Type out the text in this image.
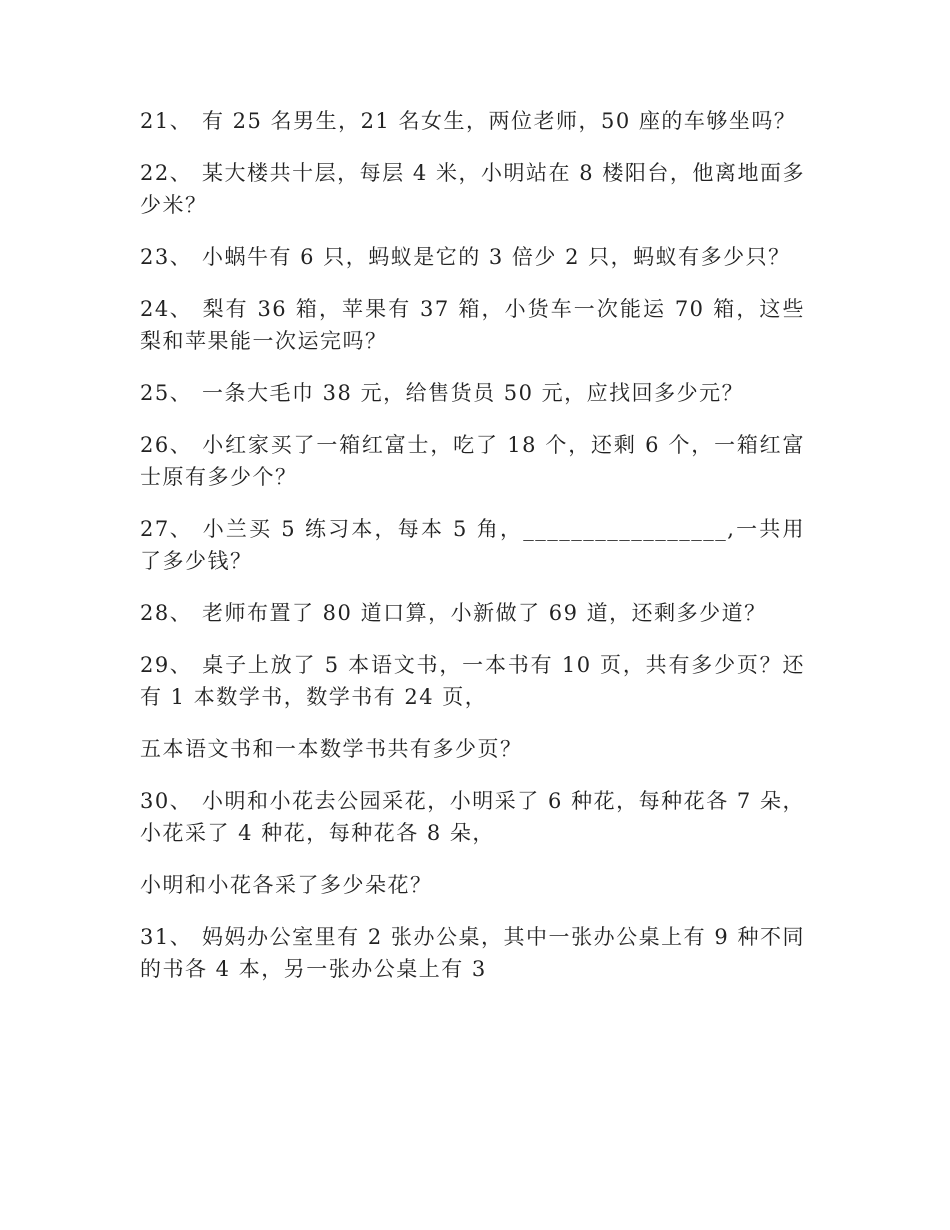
21、 有 25 名男生，21 名女生，两位老师，50 座的车够坐吗？

22、 某大楼共十层，每层 4 米，小明站在 8 楼阳台，他离地面多少米？

23、 小蜗牛有 6 只，蚂蚁是它的 3 倍少 2 只，蚂蚁有多少只？

24、 梨有 36 箱，苹果有 37 箱，小货车一次能运 70 箱，这些梨和苹果能一次运完吗？

25、 一条大毛巾 38 元，给售货员 50 元，应找回多少元？

26、 小红家买了一箱红富士，吃了 18 个，还剩 6 个，一箱红富士原有多少个？

27、 小兰买 5 练习本，每本 5 角，_________________,一共用了多少钱？

28、 老师布置了 80 道口算，小新做了 69 道，还剩多少道？

29、 桌子上放了 5 本语文书，一本书有 10 页，共有多少页？还有 1 本数学书，数学书有 24 页，

五本语文书和一本数学书共有多少页？

30、 小明和小花去公园采花，小明采了 6 种花，每种花各 7 朵，小花采了 4 种花，每种花各 8 朵，

小明和小花各采了多少朵花？

31、 妈妈办公室里有 2 张办公桌，其中一张办公桌上有 9 种不同的书各 4 本，另一张办公桌上有 3
